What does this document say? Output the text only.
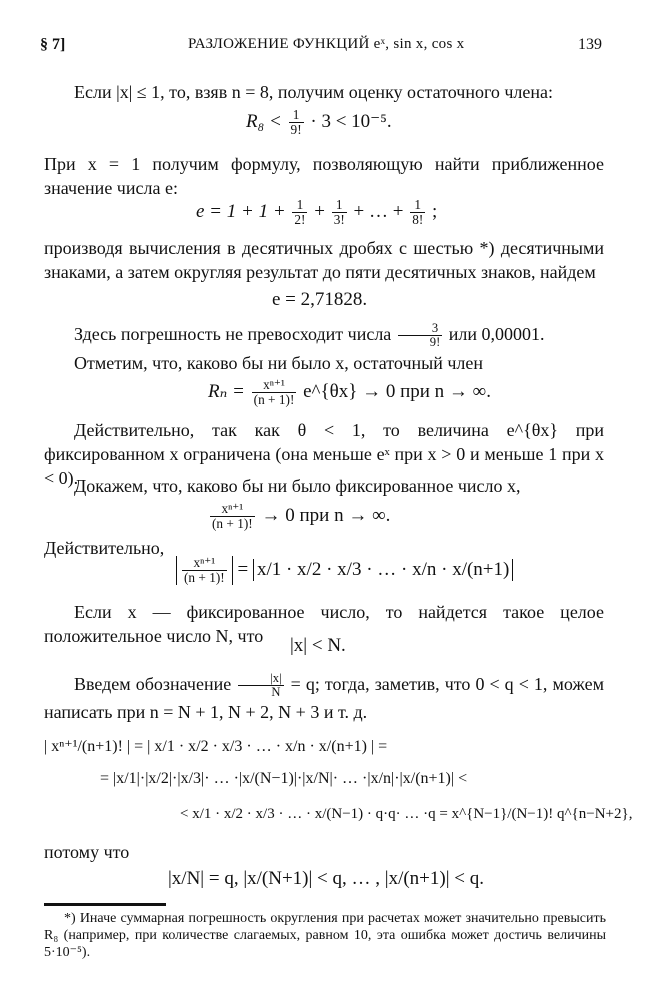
§ 7]	РАЗЛОЖЕНИЕ ФУНКЦИЙ eˣ, sin x, cos x	139
Если |x| ≤ 1, то, взяв n = 8, получим оценку остаточного члена:
$R_8 < \frac{1}{9!} \cdot 3 < 10^{-5}$.
При x = 1 получим формулу, позволяющую найти приближенное значение числа e:
$e = 1 + 1 + \frac{1}{2!} + \frac{1}{3!}$ + … + $\frac{1}{8!}$ ;
производя вычисления в десятичных дробях с шестью *) десятичными знаками, а затем округляя результат до пяти десятичных знаков, найдем
e = 2,71828.
Здесь погрешность не превосходит числа $\frac{3}{9!}$ или 0,00001.
Отметим, что, каково бы ни было x, остаточный член
$R_n = \frac{\text{xⁿ⁺¹}}{(n + 1)!}$ e^{θx} → 0 при n → ∞.
Действительно, так как θ < 1, то величина e^{θx} при фиксированном x ограничена (она меньше eˣ при x > 0 и меньше 1 при x < 0).
Докажем, что, каково бы ни было фиксированное число x,
$\frac{\text{xⁿ⁺¹}}{(n + 1)!} \to 0$ при n → ∞.
Действительно,
$\frac{\text{xⁿ⁺¹}}{(n + 1)!} = x/1 \cdot x/2 \cdot x/3$ · … · x/n · x/(n+1)
Если x — фиксированное число, то найдется такое целое положительное число N, что	|x| < N.
Введем обозначение $\frac{|x|}{N} = q$; тогда, заметив, что 0 < q < 1, можем написать при n = N + 1, N + 2, N + 3 и т. д.
| xⁿ⁺¹/(n+1)! | = | x/1 · x/2 · x/3 · … · x/n · x/(n+1) | =
= |x/1|·|x/2|·|x/3|· … ·|x/(N−1)|·|x/N|· … ·|x/n|·|x/(n+1)| <
< x/1 · x/2 · x/3 · … · x/(N−1) · q·q· … ·q = x^{N−1}/(N−1)! q^{n−N+2},
потому что
|x/N| = q, |x/(N+1)| < q, … , |x/(n+1)| < q.
*) Иначе суммарная погрешность округления при расчетах может значительно превысить R₈ (например, при количестве слагаемых, равном 10, эта ошибка может достичь величины 5·10⁻⁵).
